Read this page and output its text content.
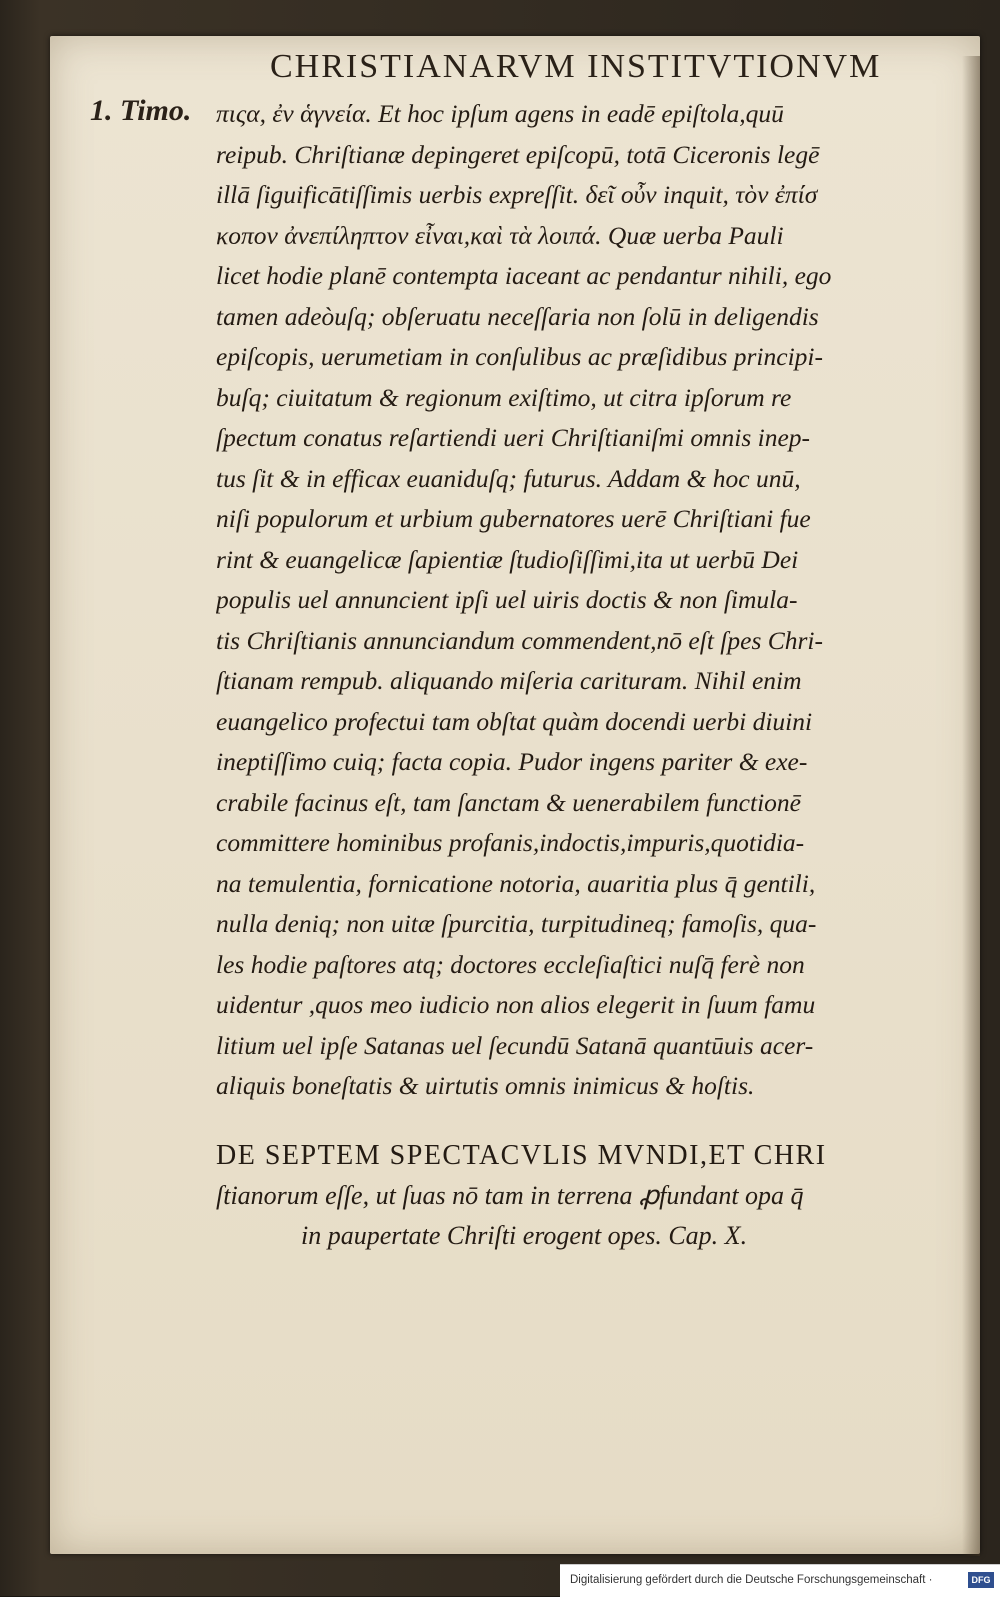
CHRISTIANARVM INSTITVTIONVM
1. Timo. πιςα, ἐν ἁγνεία. Et hoc ipſum agens in eadē epiſtola,quū
reipub. Chriſtianæ depingeret epiſcopū, totā Ciceronis legē
illā ſiguificātiſſimis uerbis expreſſit. δεῖ οὖν inquit, τὸν ἐπίσ
κοπον ἀνεπίληπτον εἶναι,καὶ τὰ λοιπά. Quæ uerba Pauli
licet hodie planē contempta iaceant ac pendantur nihili, ego
tamen adeòuſq; obſeruatu neceſſaria non ſolū in deligendis
epiſcopis, uerumetiam in conſulibus ac præſidibus principi-
buſq; ciuitatum & regionum exiſtimo, ut citra ipſorum re
ſpectum conatus reſartiendi ueri Chriſtianiſmi omnis inep-
tus ſit & in efficax euaniduſq; futurus. Addam & hoc unū,
niſi populorum et urbium gubernatores uerē Chriſtiani fue
rint & euangelicæ ſapientiæ ſtudioſiſſimi,ita ut uerbū Dei
populis uel annuncient ipſi uel uiris doctis & non ſimula-
tis Chriſtianis annunciandum commendent,nō eſt ſpes Chri-
ſtianam rempub. aliquando miſeria carituram. Nihil enim
euangelico profectui tam obſtat quàm docendi uerbi diuini
ineptiſſimo cuiq; facta copia. Pudor ingens pariter & exe-
crabile facinus eſt, tam ſanctam & uenerabilem functionē
committere hominibus profanis,indoctis,impuris,quotidia-
na temulentia, fornicatione notoria, auaritia plus q̄ gentili,
nulla deniq; non uitæ ſpurcitia, turpitudineq; famoſis, qua-
les hodie paſtores atq; doctores eccleſiaſtici nuſq̄ ferè non
uidentur ,quos meo iudicio non alios elegerit in ſuum famu
litium uel ipſe Satanas uel ſecundū Satanā quantūuis acer-
aliquis boneſtatis & uirtutis omnis inimicus & hoſtis.
DE SEPTEM SPECTACVLIS MVNDI,ET CHRI
ſtianorum eſſe, ut ſuas nō tam in terrena ꝓfundant opa q̄
in paupertate Chriſti erogent opes. Cap. X.
Digitalisierung gefördert durch die Deutsche Forschungsgemeinschaft ·	DFG
